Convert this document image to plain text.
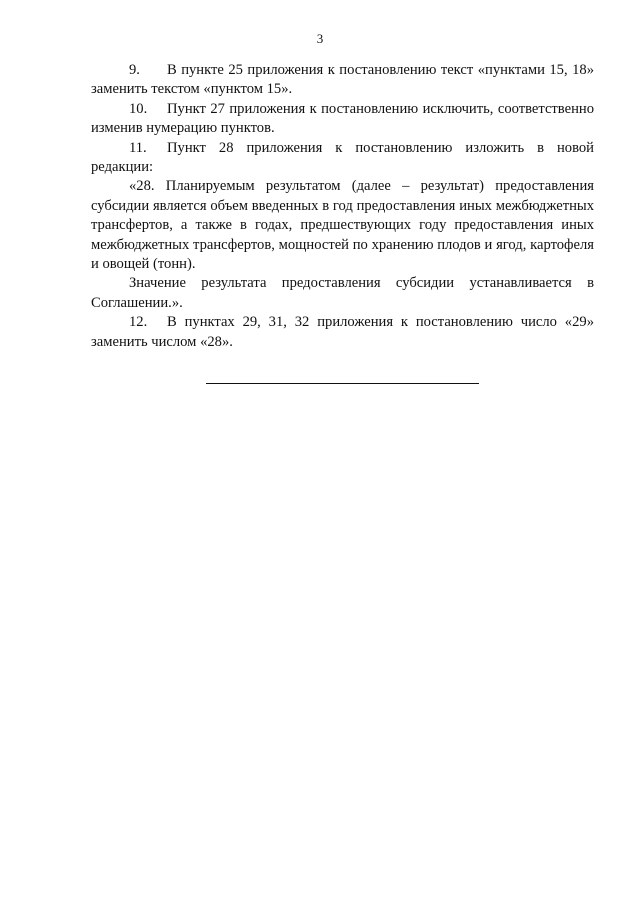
3

9. В пункте 25 приложения к постановлению текст «пунктами 15, 18» заменить текстом «пунктом 15».

10. Пункт 27 приложения к постановлению исключить, соответственно изменив нумерацию пунктов.

11. Пункт 28 приложения к постановлению изложить в новой редакции:

«28. Планируемым результатом (далее – результат) предоставления субсидии является объем введенных в год предоставления иных межбюджетных трансфертов, а также в годах, предшествующих году предоставления иных межбюджетных трансфертов, мощностей по хранению плодов и ягод, картофеля и овощей (тонн).

Значение результата предоставления субсидии устанавливается в Соглашении.».

12. В пунктах 29, 31, 32 приложения к постановлению число «29» заменить числом «28».
